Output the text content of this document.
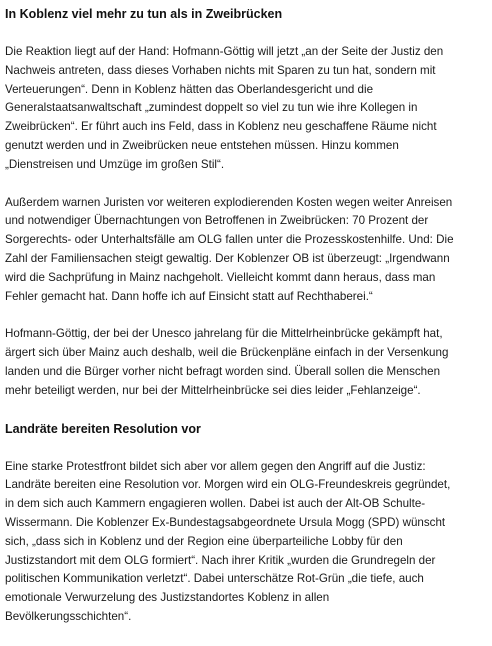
In Koblenz viel mehr zu tun als in Zweibrücken
Die Reaktion liegt auf der Hand: Hofmann-Göttig will jetzt „an der Seite der Justiz den
Nachweis antreten, dass dieses Vorhaben nichts mit Sparen zu tun hat, sondern mit
Verteuerungen“. Denn in Koblenz hätten das Oberlandesgericht und die
Generalstaatsanwaltschaft „zumindest doppelt so viel zu tun wie ihre Kollegen in
Zweibrücken“. Er führt auch ins Feld, dass in Koblenz neu geschaffene Räume nicht
genutzt werden und in Zweibrücken neue entstehen müssen. Hinzu kommen
„Dienstreisen und Umzüge im großen Stil“.
Außerdem warnen Juristen vor weiteren explodierenden Kosten wegen weiter Anreisen
und notwendiger Übernachtungen von Betroffenen in Zweibrücken: 70 Prozent der
Sorgerechts- oder Unterhaltsfälle am OLG fallen unter die Prozesskostenhilfe. Und: Die
Zahl der Familiensachen steigt gewaltig. Der Koblenzer OB ist überzeugt: „Irgendwann
wird die Sachprüfung in Mainz nachgeholt. Vielleicht kommt dann heraus, dass man
Fehler gemacht hat. Dann hoffe ich auf Einsicht statt auf Rechthaberei.“
Hofmann-Göttig, der bei der Unesco jahrelang für die Mittelrheinbrücke gekämpft hat,
ärgert sich über Mainz auch deshalb, weil die Brückenpläne einfach in der Versenkung
landen und die Bürger vorher nicht befragt worden sind. Überall sollen die Menschen
mehr beteiligt werden, nur bei der Mittelrheinbrücke sei dies leider „Fehlanzeige“.
Landräte bereiten Resolution vor
Eine starke Protestfront bildet sich aber vor allem gegen den Angriff auf die Justiz:
Landräte bereiten eine Resolution vor. Morgen wird ein OLG-Freundeskreis gegründet,
in dem sich auch Kammern engagieren wollen. Dabei ist auch der Alt-OB Schulte-
Wissermann. Die Koblenzer Ex-Bundestagsabgeordnete Ursula Mogg (SPD) wünscht
sich, „dass sich in Koblenz und der Region eine überparteiliche Lobby für den
Justizstandort mit dem OLG formiert“. Nach ihrer Kritik „wurden die Grundregeln der
politischen Kommunikation verletzt“. Dabei unterschätze Rot-Grün „die tiefe, auch
emotionale Verwurzelung des Justizstandortes Koblenz in allen
Bevölkerungsschichten“.
